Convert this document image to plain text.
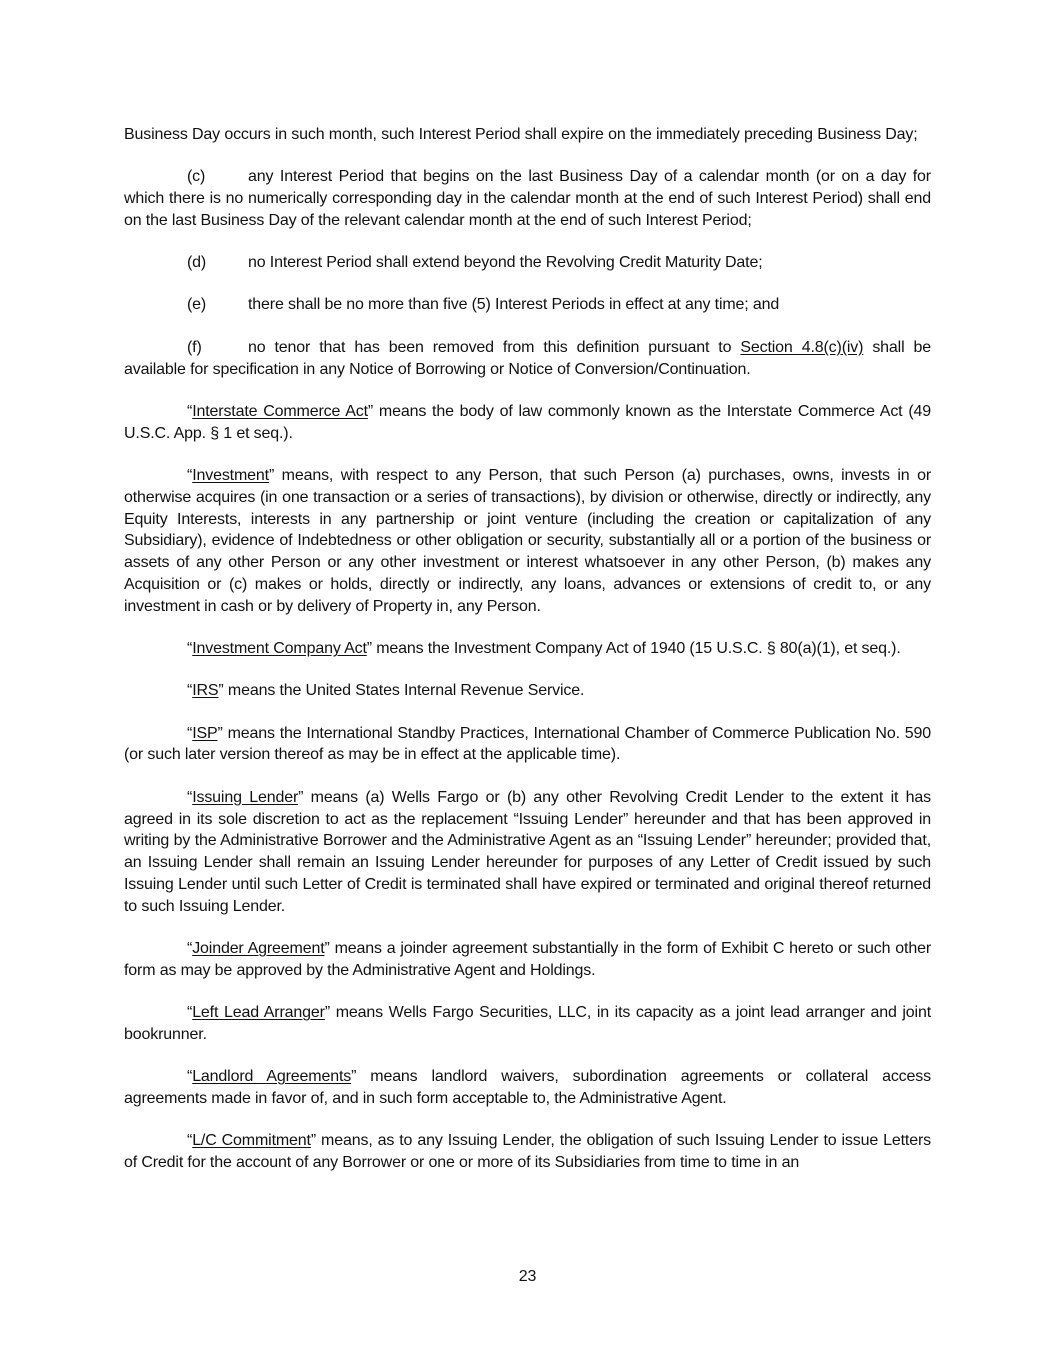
Business Day occurs in such month, such Interest Period shall expire on the immediately preceding Business Day;

(c)	any Interest Period that begins on the last Business Day of a calendar month (or on a day for which there is no numerically corresponding day in the calendar month at the end of such Interest Period) shall end on the last Business Day of the relevant calendar month at the end of such Interest Period;

(d)	no Interest Period shall extend beyond the Revolving Credit Maturity Date;

(e)	there shall be no more than five (5) Interest Periods in effect at any time; and

(f)	no tenor that has been removed from this definition pursuant to Section 4.8(c)(iv) shall be available for specification in any Notice of Borrowing or Notice of Conversion/Continuation.

“Interstate Commerce Act” means the body of law commonly known as the Interstate Commerce Act (49 U.S.C. App. § 1 et seq.).

“Investment” means, with respect to any Person, that such Person (a) purchases, owns, invests in or otherwise acquires (in one transaction or a series of transactions), by division or otherwise, directly or indirectly, any Equity Interests, interests in any partnership or joint venture (including the creation or capitalization of any Subsidiary), evidence of Indebtedness or other obligation or security, substantially all or a portion of the business or assets of any other Person or any other investment or interest whatsoever in any other Person, (b) makes any Acquisition or (c) makes or holds, directly or indirectly, any loans, advances or extensions of credit to, or any investment in cash or by delivery of Property in, any Person.

“Investment Company Act” means the Investment Company Act of 1940 (15 U.S.C. § 80(a)(1), et seq.).

“IRS” means the United States Internal Revenue Service.

“ISP” means the International Standby Practices, International Chamber of Commerce Publication No. 590 (or such later version thereof as may be in effect at the applicable time).

“Issuing Lender” means (a) Wells Fargo or (b) any other Revolving Credit Lender to the extent it has agreed in its sole discretion to act as the replacement “Issuing Lender” hereunder and that has been approved in writing by the Administrative Borrower and the Administrative Agent as an “Issuing Lender” hereunder; provided that, an Issuing Lender shall remain an Issuing Lender hereunder for purposes of any Letter of Credit issued by such Issuing Lender until such Letter of Credit is terminated shall have expired or terminated and original thereof returned to such Issuing Lender.

“Joinder Agreement” means a joinder agreement substantially in the form of Exhibit C hereto or such other form as may be approved by the Administrative Agent and Holdings.

“Left Lead Arranger” means Wells Fargo Securities, LLC, in its capacity as a joint lead arranger and joint bookrunner.

“Landlord Agreements” means landlord waivers, subordination agreements or collateral access agreements made in favor of, and in such form acceptable to, the Administrative Agent.

“L/C Commitment” means, as to any Issuing Lender, the obligation of such Issuing Lender to issue Letters of Credit for the account of any Borrower or one or more of its Subsidiaries from time to time in an

23
